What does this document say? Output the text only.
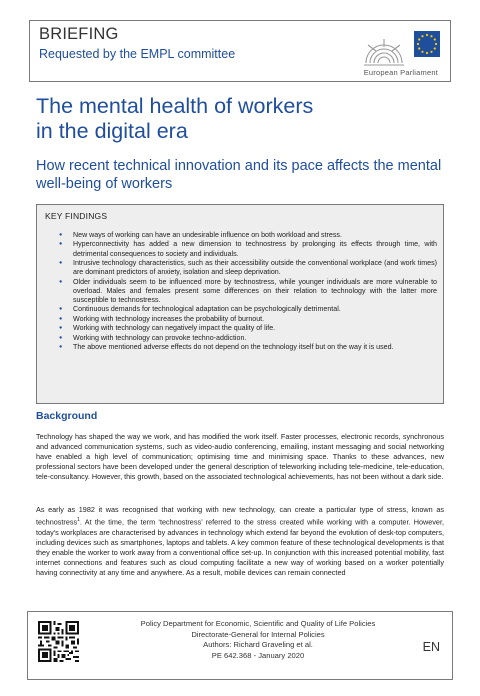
BRIEFING
Requested by the EMPL committee
European Parliament
The mental health of workers
in the digital era
How recent technical innovation and its pace affects the mental well-being of workers
KEY FINDINGS
● New ways of working can have an undesirable influence on both workload and stress.
● Hyperconnectivity has added a new dimension to technostress by prolonging its effects through time, with detrimental consequences to society and individuals.
● Intrusive technology characteristics, such as their accessibility outside the conventional workplace (and work times) are dominant predictors of anxiety, isolation and sleep deprivation.
● Older individuals seem to be influenced more by technostress, while younger individuals are more vulnerable to overload. Males and females present some differences on their relation to technology with the latter more susceptible to technostress.
● Continuous demands for technological adaptation can be psychologically detrimental.
● Working with technology increases the probability of burnout.
● Working with technology can negatively impact the quality of life.
● Working with technology can provoke techno-addiction.
● The above mentioned adverse effects do not depend on the technology itself but on the way it is used.
Background

Technology has shaped the way we work, and has modified the work itself. Faster processes, electronic records, synchronous and advanced communication systems, such as video-audio conferencing, emailing, instant messaging and social networking have enabled a high level of communication; optimising time and minimising space. Thanks to these advances, new professional sectors have been developed under the general description of teleworking including tele-medicine, tele-education, tele-consultancy. However, this growth, based on the associated technological achievements, has not been without a dark side.

As early as 1982 it was recognised that working with new technology, can create a particular type of stress, known as technostress$^1$. At the time, the term ‘technostress’ referred to the stress created while working with a computer. However, today's workplaces are characterised by advances in technology which extend far beyond the evolution of desk-top computers, including devices such as smartphones, laptops and tablets. A key common feature of these technological developments is that they enable the worker to work away from a conventional office set-up. In conjunction with this increased potential mobility, fast internet connections and features such as cloud computing facilitate a new way of working based on a worker potentially having connectivity at any time and anywhere. As a result, mobile devices can remain connected

Policy Department for Economic, Scientific and Quality of Life Policies
Directorate-General for Internal Policies
Authors: Richard Graveling et al.
PE 642.368 - January 2020
EN
